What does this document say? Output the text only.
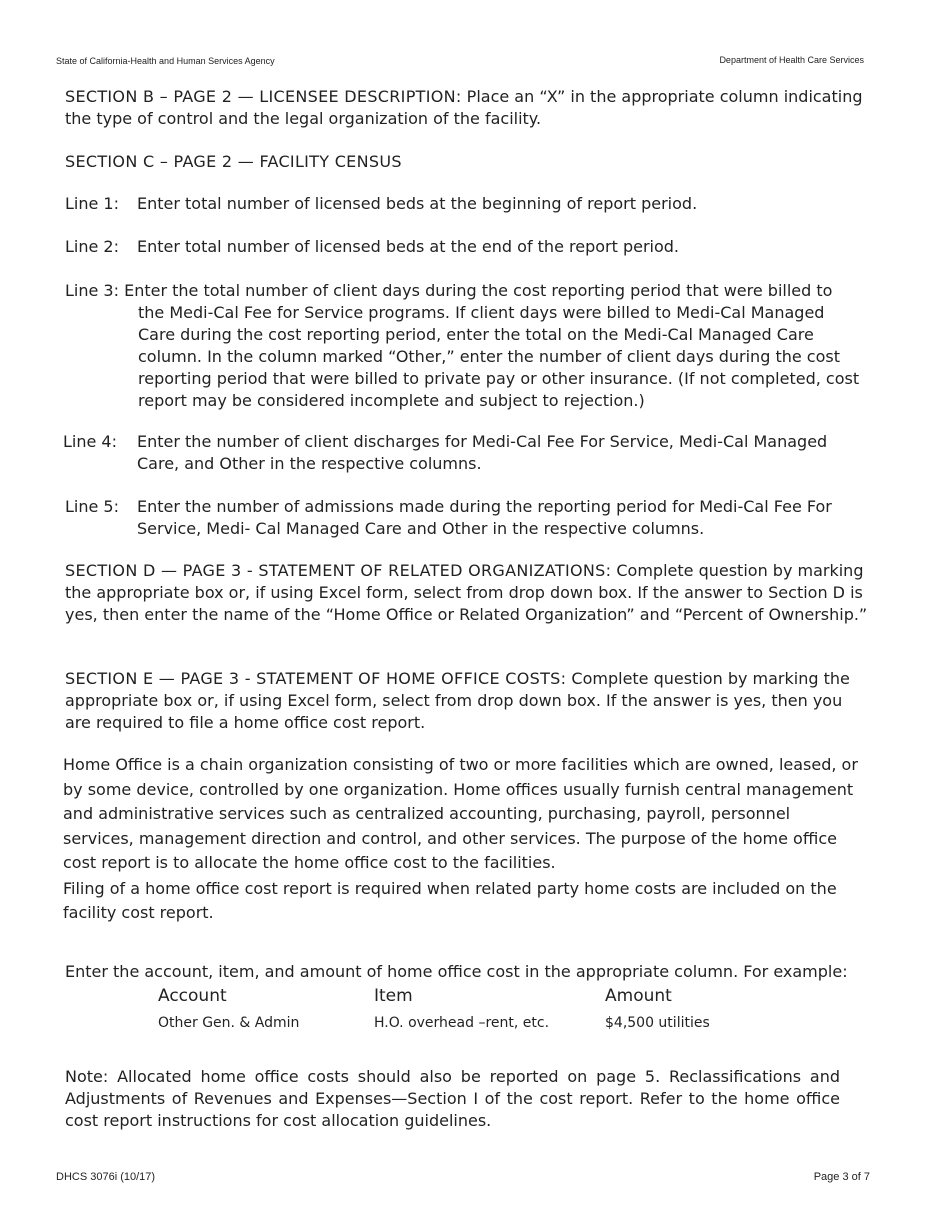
State of California-Health and Human Services Agency	Department of Health Care Services
SECTION B – PAGE 2 — LICENSEE DESCRIPTION: Place an “X” in the appropriate column indicating the type of control and the legal organization of the facility.
SECTION C – PAGE 2 — FACILITY CENSUS
Line 1: Enter total number of licensed beds at the beginning of report period.
Line 2: Enter total number of licensed beds at the end of the report period.
Line 3: Enter the total number of client days during the cost reporting period that were billed to the Medi-Cal Fee for Service programs. If client days were billed to Medi-Cal Managed Care during the cost reporting period, enter the total on the Medi-Cal Managed Care column. In the column marked “Other,” enter the number of client days during the cost reporting period that were billed to private pay or other insurance. (If not completed, cost report may be considered incomplete and subject to rejection.)
Line 4:	Enter the number of client discharges for Medi-Cal Fee For Service, Medi-Cal Managed Care, and Other in the respective columns.
Line 5:	Enter the number of admissions made during the reporting period for Medi-Cal Fee For Service, Medi- Cal Managed Care and Other in the respective columns.
SECTION D — PAGE 3 - STATEMENT OF RELATED ORGANIZATIONS: Complete question by marking the appropriate box or, if using Excel form, select from drop down box. If the answer to Section D is yes, then enter the name of the “Home Office or Related Organization” and “Percent of Ownership.”
SECTION E — PAGE 3 - STATEMENT OF HOME OFFICE COSTS: Complete question by marking the appropriate box or, if using Excel form, select from drop down box. If the answer is yes, then you are required to file a home office cost report.
Home Office is a chain organization consisting of two or more facilities which are owned, leased, or by some device, controlled by one organization. Home offices usually furnish central management and administrative services such as centralized accounting, purchasing, payroll, personnel services, management direction and control, and other services. The purpose of the home office cost report is to allocate the home office cost to the facilities.
Filing of a home office cost report is required when related party home costs are included on the facility cost report.
Enter the account, item, and amount of home office cost in the appropriate column. For example:
Account	Item	Amount
Other Gen. & Admin	H.O. overhead –rent, etc.	$4,500 utilities
Note: Allocated home office costs should also be reported on page 5. Reclassifications and Adjustments of Revenues and Expenses—Section I of the cost report. Refer to the home office cost report instructions for cost allocation guidelines.
DHCS 3076i (10/17)	Page 3 of 7
